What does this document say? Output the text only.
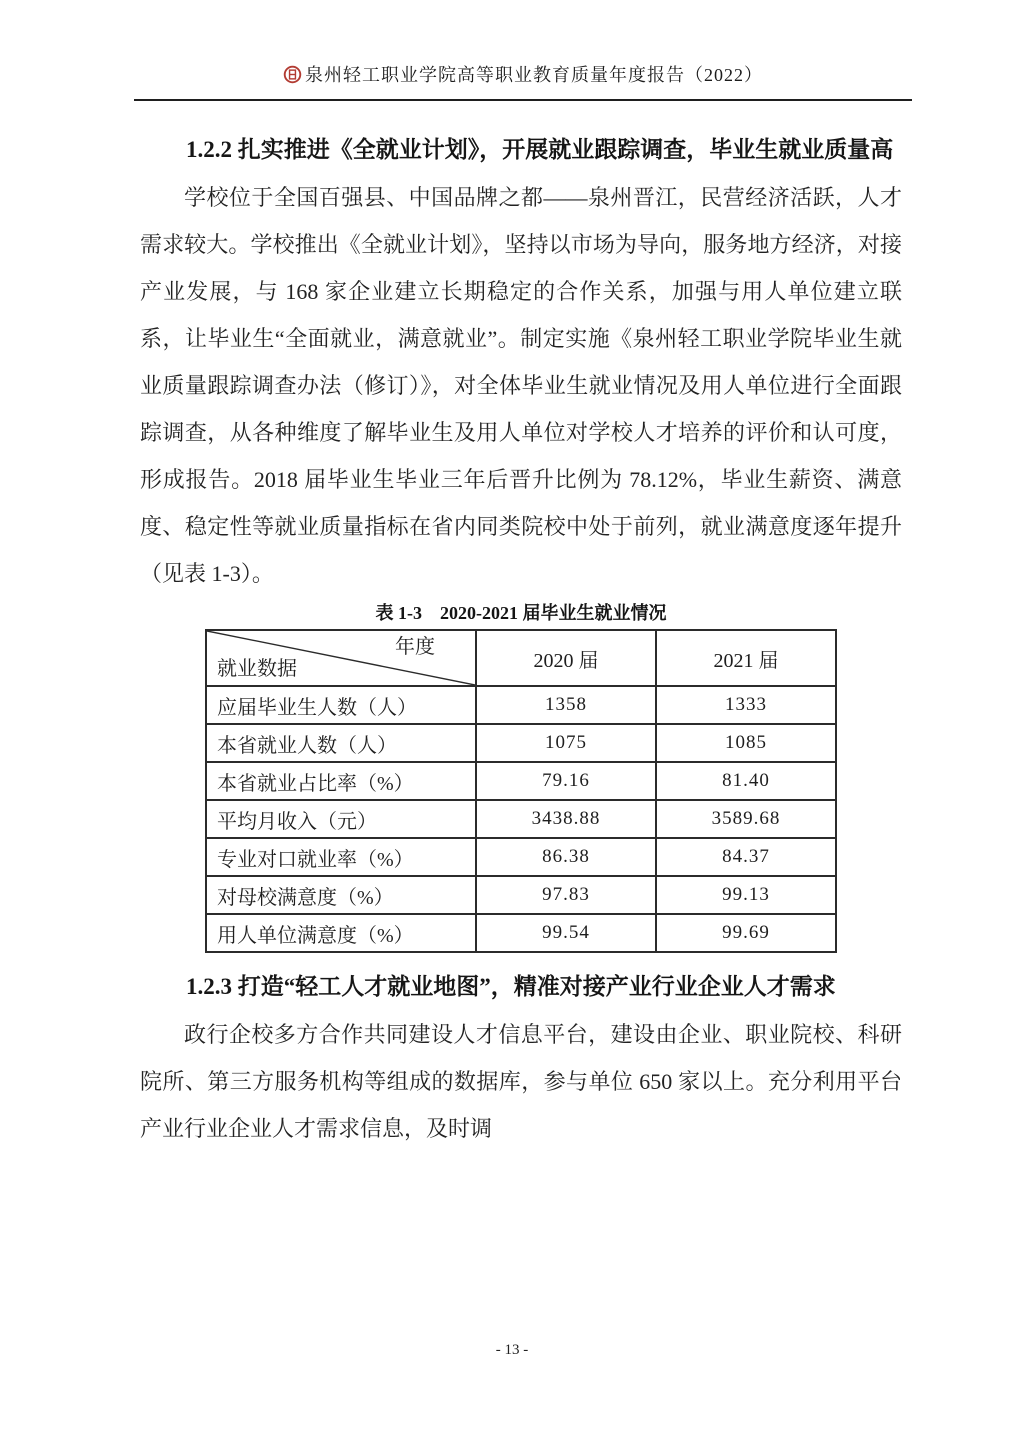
泉州轻工职业学院高等职业教育质量年度报告（2022）
1.2.2 扎实推进《全就业计划》，开展就业跟踪调查，毕业生就业质量高

学校位于全国百强县、中国品牌之都——泉州晋江，民营经济活跃，人才需求较大。学校推出《全就业计划》，坚持以市场为导向，服务地方经济，对接产业发展，与 168 家企业建立长期稳定的合作关系，加强与用人单位建立联系，让毕业生“全面就业，满意就业”。制定实施《泉州轻工职业学院毕业生就业质量跟踪调查办法（修订）》，对全体毕业生就业情况及用人单位进行全面跟踪调查，从各种维度了解毕业生及用人单位对学校人才培养的评价和认可度，形成报告。2018 届毕业生毕业三年后晋升比例为 78.12%，毕业生薪资、满意度、稳定性等就业质量指标在省内同类院校中处于前列，就业满意度逐年提升（见表 1-3）。

表 1-3　2020-2021 届毕业生就业情况
年度
就业数据	2020 届	2021 届
应届毕业生人数（人）	1358	1333
本省就业人数（人）	1075	1085
本省就业占比率（%）	79.16	81.40
平均月收入（元）	3438.88	3589.68
专业对口就业率（%）	86.38	84.37
对母校满意度（%）	97.83	99.13
用人单位满意度（%）	99.54	99.69
1.2.3 打造“轻工人才就业地图”，精准对接产业行业企业人才需求

政行企校多方合作共同建设人才信息平台，建设由企业、职业院校、科研院所、第三方服务机构等组成的数据库，参与单位 650 家以上。充分利用平台产业行业企业人才需求信息，及时调

- 13 -
